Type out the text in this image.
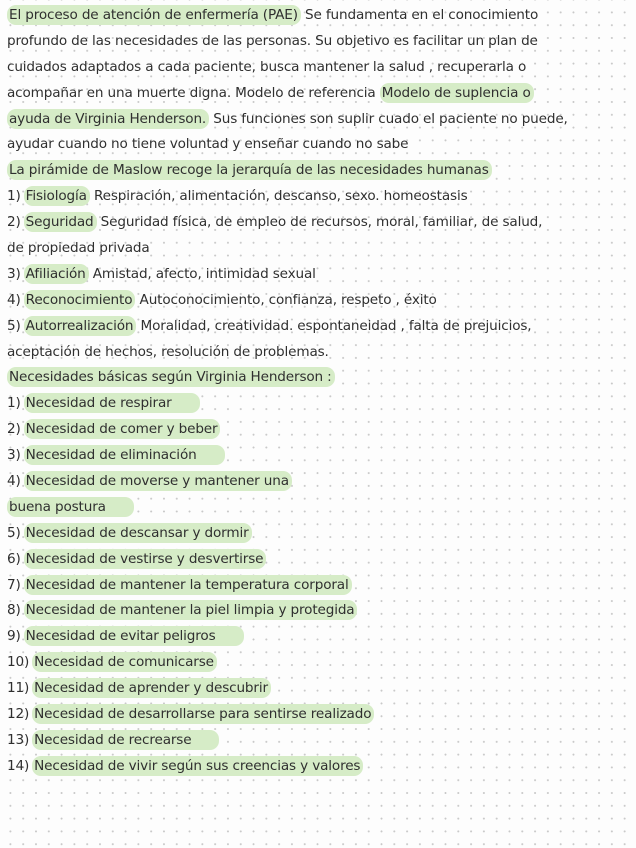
El proceso de atención de enfermería (PAE) Se fundamenta en el conocimiento
profundo de las necesidades de las personas. Su objetivo es facilitar un plan de
cuidados adaptados a cada paciente, busca mantener la salud , recuperarla o
acompañar en una muerte digna. Modelo de referencia Modelo de suplencia o
ayuda de Virginia Henderson. Sus funciones son suplir cuado el paciente no puede,
ayudar cuando no tiene voluntad y enseñar cuando no sabe
La pirámide de Maslow recoge la jerarquía de las necesidades humanas
1) Fisiología Respiración, alimentación, descanso, sexo. homeostasis
2) Seguridad Seguridad física, de empleo de recursos, moral, familiar, de salud,
de propiedad privada
3) Afiliación Amistad, afecto, intimidad sexual
4) Reconocimiento Autoconocimiento, confianza, respeto , éxito
5) Autorrealización Moralidad, creatividad. espontaneidad , falta de prejuicios,
aceptación de hechos, resolución de problemas.
Necesidades básicas según Virginia Henderson :
1) Necesidad de respirar
2) Necesidad de comer y beber
3) Necesidad de eliminación
4) Necesidad de moverse y mantener una
buena postura
5) Necesidad de descansar y dormir
6) Necesidad de vestirse y desvertirse
7) Necesidad de mantener la temperatura corporal
8) Necesidad de mantener la piel limpia y protegida
9) Necesidad de evitar peligros
10) Necesidad de comunicarse
11) Necesidad de aprender y descubrir
12) Necesidad de desarrollarse para sentirse realizado
13) Necesidad de recrearse
14) Necesidad de vivir según sus creencias y valores
